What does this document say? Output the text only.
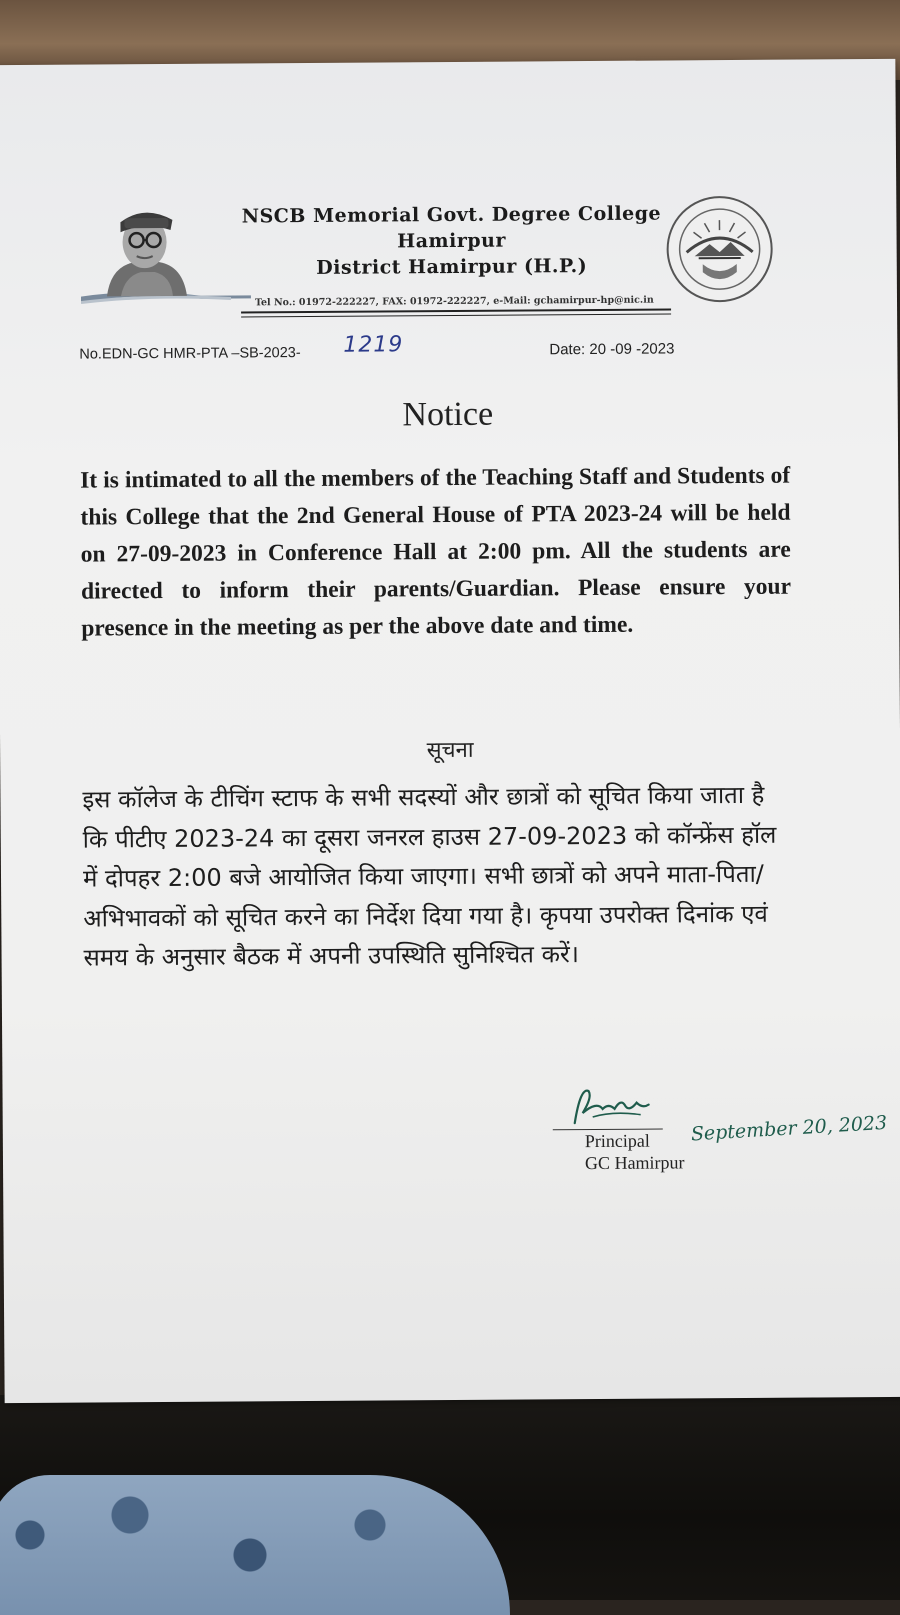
NSCB Memorial Govt. Degree College
Hamirpur
District Hamirpur (H.P.)
Tel No.: 01972-222227, FAX: 01972-222227, e-Mail: gchamirpur-hp@nic.in
No.EDN-GC HMR-PTA –SB-2023- 1219	Date: 20 -09 -2023
Notice
It is intimated to all the members of the Teaching Staff and Students of this College that the 2nd General House of PTA 2023-24 will be held on 27-09-2023 in Conference Hall at 2:00 pm. All the students are directed to inform their parents/Guardian. Please ensure your presence in the meeting as per the above date and time.
सूचना
इस कॉलेज के टीचिंग स्टाफ के सभी सदस्यों और छात्रों को सूचित किया जाता है कि पीटीए 2023-24 का दूसरा जनरल हाउस 27-09-2023 को कॉन्फ्रेंस हॉल में दोपहर 2:00 बजे आयोजित किया जाएगा। सभी छात्रों को अपने माता-पिता/अभिभावकों को सूचित करने का निर्देश दिया गया है। कृपया उपरोक्त दिनांक एवं समय के अनुसार बैठक में अपनी उपस्थिति सुनिश्चित करें।
Principal
GC Hamirpur
September 20, 2023
